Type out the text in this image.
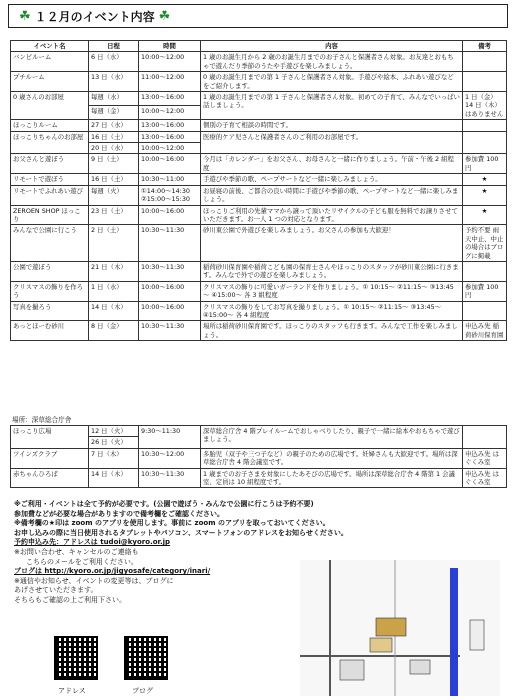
☘ １２月のイベント内容 ☘
イベント名	日程	時間	内容	備考
バンビルーム	6 日（水）	10:00～12:00	1 歳のお誕生月から 2 歳のお誕生月までのお子さんと保護者さん対象。お友達とおもちゃで遊んだり季節のうたや手遊びを楽しみましょう。	
プチルーム	13 日（水）	11:00～12:00	0 歳のお誕生月までの第 1 子さんと保護者さん対象。手遊びや絵本、ふれあい遊びなどをご紹介します。	
0 歳さんのお部屋	毎週（水）	13:00～16:00	1 歳のお誕生月までの第 1 子さんと保護者さん対象。初めての子育て、みんなでいっぱい話しましょう。	1 日（金）14 日（木）はありません
	毎週（金）	10:00～12:00		
ほっこりルーム	27 日（水）	13:00～16:00	個別の子育て相談の時間です。	
ほっこりちゃんのお部屋	16 日（土）	13:00～16:00	医療的ケア児さんと保護者さんのご利用のお部屋です。	
	20 日（水）	10:00～12:00		
お父さんと遊ぼう	9 日（土）	10:00～16:00	今月は「カレンダー」をお父さん、お母さんと一緒に作りましょう。午前・午後 2 組程度	参加費 100 円
リモートで遊ぼう	16 日（土）	10:30～11:00	手遊びや季節の歌、ペープサートなど一緒に楽しみましょう。	★
リモートでふれあい遊び	毎週（火）	①14:00～14:30 ②15:00～15:30	お昼寝の前後、ご都合の良い時間に手遊びや季節の歌、ペープサートなど一緒に楽しみましょう。	★
ZEROEN SHOP ほっこり	23 日（土）	10:00～16:00	ほっこりご利用の先輩ママから譲って頂いたリサイクルの子ども服を無料でお譲りさせていただきます。お一人 1 つの対応となります。	★
みんなで公園に行こう	2 日（土）	10:30～11:30	砂川東公園で外遊びを楽しみましょう。お父さんの参加も大歓迎！	予約不要 雨天中止、中止の場合はブログに掲載
公園で遊ぼう	21 日（木）	10:30～11:30	稲荷砂川保育園や稲荷こども園の保育士さんやほっこりのスタッフが砂川東公園に行きます。みんなで外での遊びを楽しみましょう。	
クリスマスの飾りを作ろう	1 日（水）	10:00～16:00	クリスマスの飾りに可愛いガーランドを作りましょう。① 10:15～ ②11:15～ ③13:45～ ④15:00～ 各 3 組程度	参加費 100 円
写真を撮ろう	14 日（木）	10:00～16:00	クリスマスの飾りをしてお写真を撮りましょう。① 10:15～ ②11:15～ ③13:45～ ④15:00～ 各 4 組程度	
あっとほーむ砂川	8 日（金）	10:30～11:30	場所は稲荷砂川保育園です。ほっこりのスタッフも行きます。みんなで工作を楽しみましょう。	申込み先 稲荷砂川保育園
場所：深草総合庁舎
ほっこり広場	12 日（火）	9:30～11:30	深草総合庁舎 4 階プレイルームでおしゃべりしたり、親子で一緒に絵本やおもちゃで遊びましょう。	
	26 日（火）			
ツインズクラブ	7 日（木）	10:30～12:00	多胎児（双子や三つ子など）の親子のための広場です。妊婦さんも大歓迎です。場所は深草総合庁舎 4 階会議室です。	申込み先 はぐくみ室
赤ちゃんひろば	14 日（木）	10:30～11:30	1 歳までのお子さまを対象にしたあそびの広場です。場所は深草総合庁舎 4 階第 1 会議室、定員は 10 組程度です。	申込み先 はぐくみ室
※ご利用・イベントは全て予約が必要です。(公園で遊ぼう・みんなで公園に行こうは予約不要)
参加費などが必要な場合がありますので備考欄をご確認ください。
※備考欄の★印は zoom のアプリを使用します。事前に zoom のアプリを取っておいてください。
お申し込みの際に当日使用されるタブレットやパソコン、スマートフォンのアドレスをお知らせください。
予約申込み先：アドレスは tudoi@kyoro.or.jp
※お問い合わせ、キャンセルのご連絡も
こちらのメールをご利用ください。
ブログは http://kyoro.or.jp/jigyosafe/category/inari/
※通信やお知らせ、イベントの変更等は、ブログに
あげさせていただきます。
そちらもご確認の上ご利用下さい。
アドレス	ブログ
